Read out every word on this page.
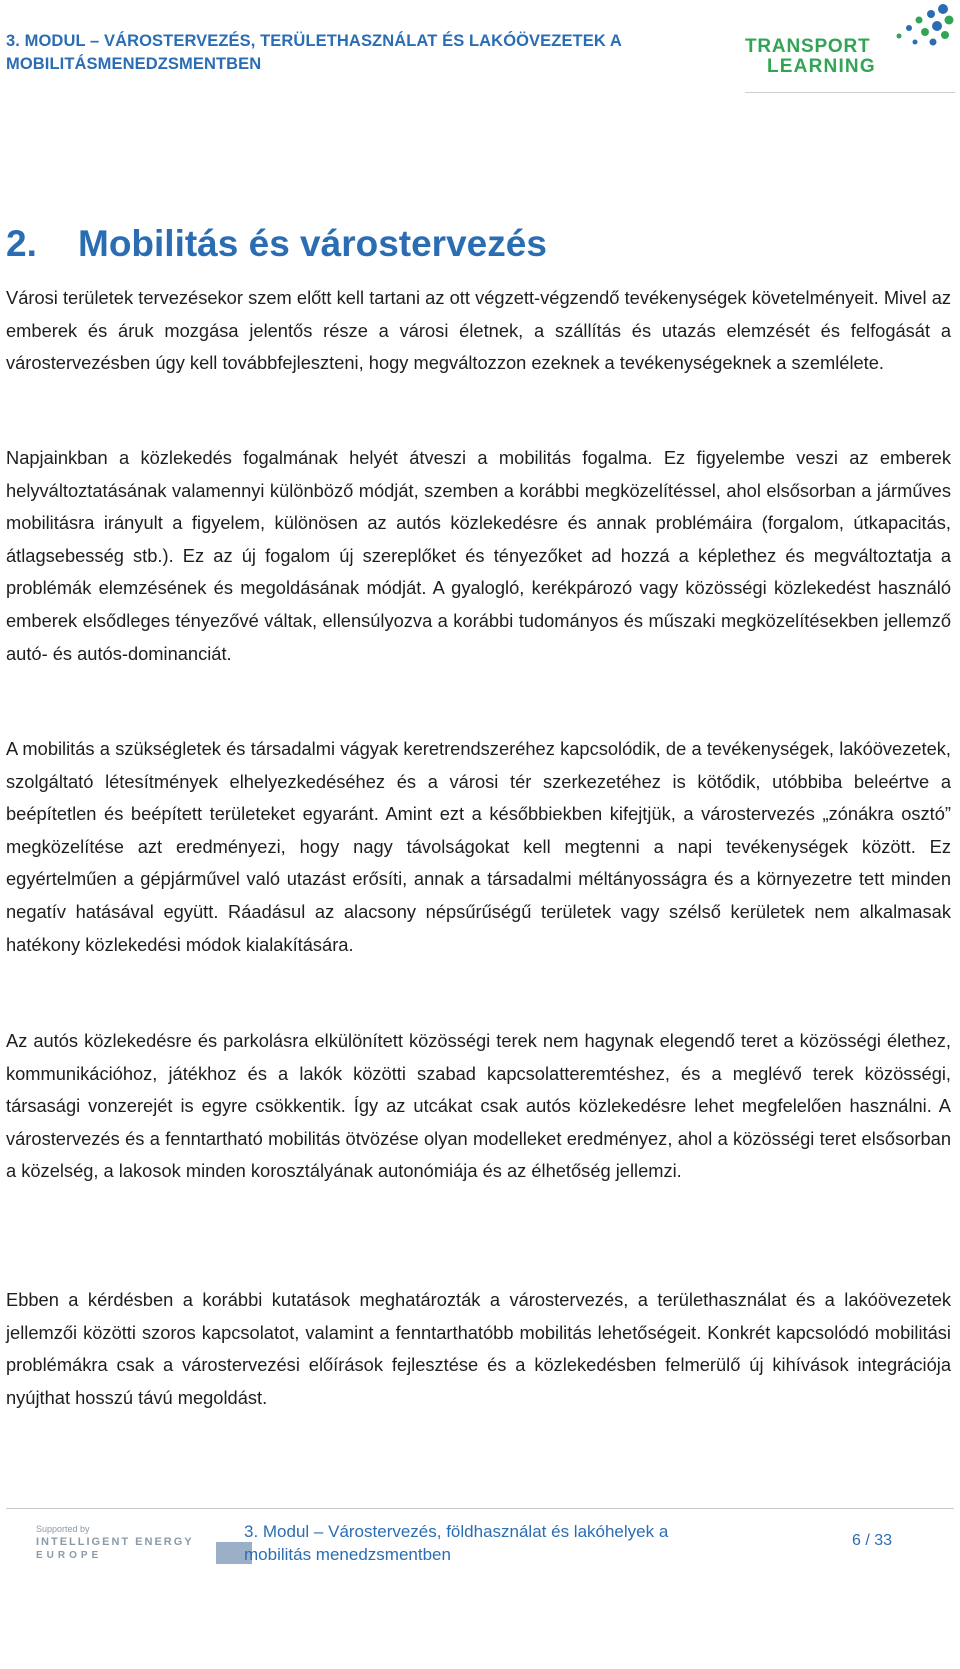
3. MODUL – VÁROSTERVEZÉS, TERÜLETHASZNÁLAT ÉS LAKÓÖVEZETEK A
MOBILITÁSMENEDZSMENTBEN
TRANSPORT
LEARNING
2. Mobilitás és várostervezés

Városi területek tervezésekor szem előtt kell tartani az ott végzett-végzendő tevékenységek követelményeit. Mivel az emberek és áruk mozgása jelentős része a városi életnek, a szállítás és utazás elemzését és felfogását a várostervezésben úgy kell továbbfejleszteni, hogy megváltozzon ezeknek a tevékenységeknek a szemlélete.

Napjainkban a közlekedés fogalmának helyét átveszi a mobilitás fogalma. Ez figyelembe veszi az emberek helyváltoztatásának valamennyi különböző módját, szemben a korábbi megközelítéssel, ahol elsősorban a járműves mobilitásra irányult a figyelem, különösen az autós közlekedésre és annak problémáira (forgalom, útkapacitás, átlagsebesség stb.). Ez az új fogalom új szereplőket és tényezőket ad hozzá a képlethez és megváltoztatja a problémák elemzésének és megoldásának módját. A gyalogló, kerékpározó vagy közösségi közlekedést használó emberek elsődleges tényezővé váltak, ellensúlyozva a korábbi tudományos és műszaki megközelítésekben jellemző autó- és autós-dominanciát.

A mobilitás a szükségletek és társadalmi vágyak keretrendszeréhez kapcsolódik, de a tevékenységek, lakóövezetek, szolgáltató létesítmények elhelyezkedéséhez és a városi tér szerkezetéhez is kötődik, utóbbiba beleértve a beépítetlen és beépített területeket egyaránt. Amint ezt a későbbiekben kifejtjük, a várostervezés „zónákra osztó” megközelítése azt eredményezi, hogy nagy távolságokat kell megtenni a napi tevékenységek között. Ez egyértelműen a gépjárművel való utazást erősíti, annak a társadalmi méltányosságra és a környezetre tett minden negatív hatásával együtt. Ráadásul az alacsony népsűrűségű területek vagy szélső kerületek nem alkalmasak hatékony közlekedési módok kialakítására.

Az autós közlekedésre és parkolásra elkülönített közösségi terek nem hagynak elegendő teret a közösségi élethez, kommunikációhoz, játékhoz és a lakók közötti szabad kapcsolatteremtéshez, és a meglévő terek közösségi, társasági vonzerejét is egyre csökkentik. Így az utcákat csak autós közlekedésre lehet megfelelően használni. A várostervezés és a fenntartható mobilitás ötvözése olyan modelleket eredményez, ahol a közösségi teret elsősorban a közelség, a lakosok minden korosztályának autonómiája és az élhetőség jellemzi.

Ebben a kérdésben a korábbi kutatások meghatározták a várostervezés, a területhasználat és a lakóövezetek jellemzői közötti szoros kapcsolatot, valamint a fenntarthatóbb mobilitás lehetőségeit. Konkrét kapcsolódó mobilitási problémákra csak a várostervezési előírások fejlesztése és a közlekedésben felmerülő új kihívások integrációja nyújthat hosszú távú megoldást.

Supported by
INTELLIGENT ENERGY
EUROPE
3. Modul – Várostervezés, földhasználat és lakóhelyek a
mobilitás menedzsmentben
6 / 33
